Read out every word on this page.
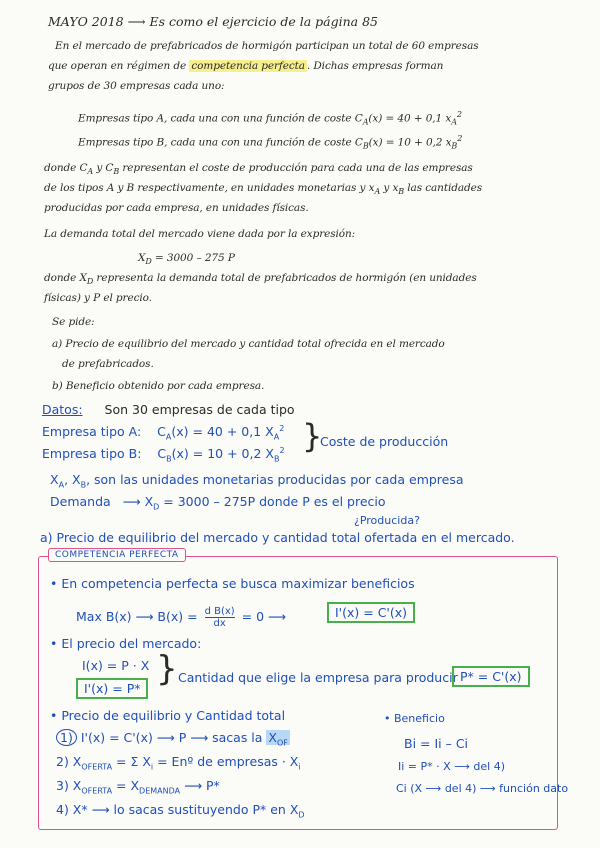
MAYO 2018 ⟶ Es como el ejercicio de la página 85
En el mercado de prefabricados de hormigón participan un total de 60 empresas
que operan en régimen de competencia perfecta . Dichas empresas forman
grupos de 30 empresas cada uno:
Empresas tipo A, cada una con una función de coste $C_A(x) = 40 + 0,1$ $x_A^2$
Empresas tipo B, cada una con una función de coste $C_B(x) = 10 + 0,2$ $x_B^2$
donde $C_A$ y $C_B$ representan el coste de producción para cada una de las empresas
de los tipos A y B respectivamente, en unidades monetarias y $x_A$ y $x_B$ las cantidades
producidas por cada empresa, en unidades físicas.
La demanda total del mercado viene dada por la expresión:
$X_D = 3000 - 275$ P
donde $X_D$ representa la demanda total de prefabricados de hormigón (en unidades
físicas) y P el precio.
Se pide:
a) Precio de equilibrio del mercado y cantidad total ofrecida en el mercado
de prefabricados.
b) Beneficio obtenido por cada empresa.
Datos: Son 30 empresas de cada tipo
Empresa tipo A: $C_A(x) = 40 + 0,1$ $X_A^2$
Empresa tipo B: $C_B(x) = 10 + 0,2$ $X_B^2$ }
Coste de producción
$X_A$, $X_B$, son las unidades monetarias producidas por cada empresa
Demanda ⟶ $X_D = 3000 - 275P$ donde P es el precio
¿Producida?
a) Precio de equilibrio del mercado y cantidad total ofertada en el mercado.
COMPETENCIA PERFECTA
• En competencia perfecta se busca maximizar beneficios
Max B(x) ⟶ $B(x) = \frac{\text{d B(x)}}{dx} = 0$ ⟶	I'(x) = C'(x)
• El precio del mercado:
I(x) = P · X
I'(x) = P* } Cantidad que elige la empresa para producir P* = C'(x)
• Precio de equilibrio y Cantidad total
1) I'(x) = C'(x) ⟶ P ⟶ sacas la $X_{OF}$
2) $X_{OFERTA} = \Sigma$ $X_i$ = Enº de empresas · $X_i$
3) $X_{OFERTA} = X_{DEMANDA}$ ⟶ P*
4) X* ⟶ lo sacas sustituyendo P* en $X_D$
• Beneficio
Bi = Ii – Ci
Ii = P* · X ⟶ del 4)
Ci (X ⟶ del 4) ⟶ función dato
